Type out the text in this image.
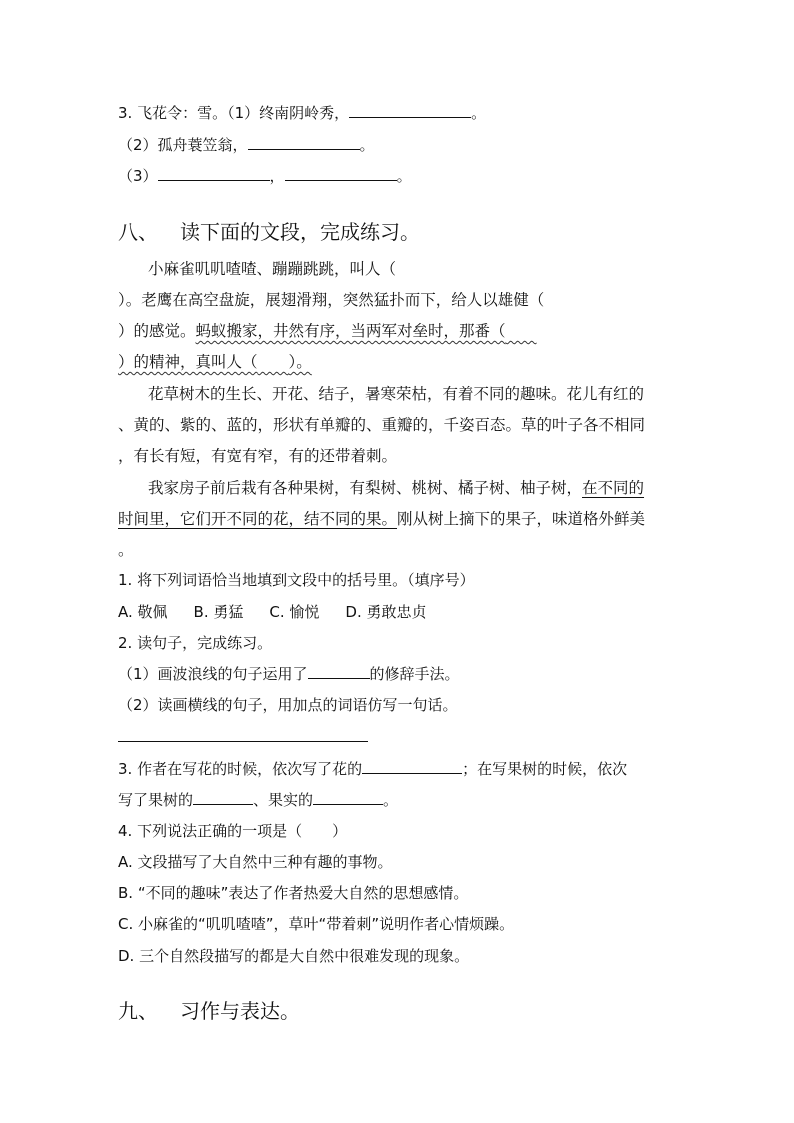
3. 飞花令：雪。（1）终南阴岭秀，	。
（2）孤舟蓑笠翁，	。
（3）	，	。
八、 读下面的文段，完成练习。
小麻雀叽叽喳喳、蹦蹦跳跳，叫人（
）。老鹰在高空盘旋，展翅滑翔，突然猛扑而下，给人以雄健（
）的感觉。蚂蚁搬家，井然有序，当两军对垒时，那番（　　
）的精神，真叫人（　　 ）。
花草树木的生长、开花、结子，暑寒荣枯，有着不同的趣味。花儿有红的
、黄的、紫的、蓝的，形状有单瓣的、重瓣的，千姿百态。草的叶子各不相同
，有长有短，有宽有窄，有的还带着刺。
我家房子前后栽有各种果树，有梨树、桃树、橘子树、柚子树，在不同的
时间里，它们开不同的花，结不同的果。刚从树上摘下的果子，味道格外鲜美
。
1. 将下列词语恰当地填到文段中的括号里。（填序号）
A. 敬佩 B. 勇猛 C. 愉悦 D. 勇敢忠贞
2. 读句子，完成练习。
（1）画波浪线的句子运用了	的修辞手法。
（2）读画横线的句子，用加点的词语仿写一句话。
3. 作者在写花的时候，依次写了花的	；在写果树的时候，依次
写了果树的	、果实的	。
4. 下列说法正确的一项是（　　）
A. 文段描写了大自然中三种有趣的事物。
B. “不同的趣味”表达了作者热爱大自然的思想感情。
C. 小麻雀的“叽叽喳喳”，草叶“带着刺”说明作者心情烦躁。
D. 三个自然段描写的都是大自然中很难发现的现象。
九、 习作与表达。
